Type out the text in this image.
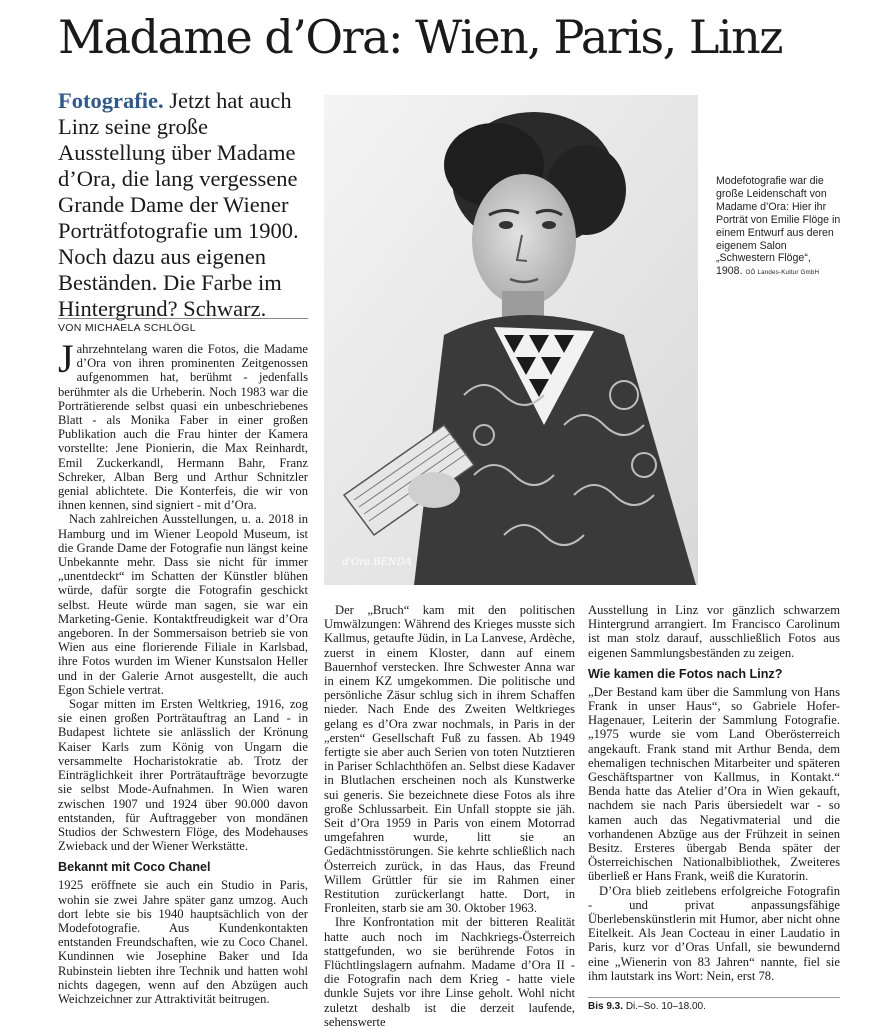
Madame d’Ora: Wien, Paris, Linz

Fotografie. Jetzt hat auch Linz seine große Ausstellung über Madame d’Ora, die lang vergessene Grande Dame der Wiener Porträtfotografie um 1900. Noch dazu aus eigenen Beständen. Die Farbe im Hintergrund? Schwarz.

VON MICHAELA SCHLÖGL

Jahrzehntelang waren die Fotos, die Madame d’Ora von ihren prominenten Zeitgenossen aufgenommen hat, berühmt - jedenfalls berühmter als die Urheberin. Noch 1983 war die Porträtierende selbst quasi ein unbeschriebenes Blatt - als Monika Faber in einer großen Publikation auch die Frau hinter der Kamera vorstellte: Jene Pionierin, die Max Reinhardt, Emil Zuckerkandl, Hermann Bahr, Franz Schreker, Alban Berg und Arthur Schnitzler genial ablichtete. Die Konterfeis, die wir von ihnen kennen, sind signiert - mit d’Ora.

Nach zahlreichen Ausstellungen, u. a. 2018 in Hamburg und im Wiener Leopold Museum, ist die Grande Dame der Fotografie nun längst keine Unbekannte mehr. Dass sie nicht für immer „unentdeckt“ im Schatten der Künstler blühen würde, dafür sorgte die Fotografin geschickt selbst. Heute würde man sagen, sie war ein Marketing-Genie. Kontaktfreudigkeit war d’Ora angeboren. In der Sommersaison betrieb sie von Wien aus eine florierende Filiale in Karlsbad, ihre Fotos wurden im Wiener Kunstsalon Heller und in der Galerie Arnot ausgestellt, die auch Egon Schiele vertrat.

Sogar mitten im Ersten Weltkrieg, 1916, zog sie einen großen Porträtauftrag an Land - in Budapest lichtete sie anlässlich der Krönung Kaiser Karls zum König von Ungarn die versammelte Hocharistokratie ab. Trotz der Einträglichkeit ihrer Porträtaufträge bevorzugte sie selbst Mode-Aufnahmen. In Wien waren zwischen 1907 und 1924 über 90.000 davon entstanden, für Auftraggeber von mondänen Studios der Schwestern Flöge, des Modehauses Zwieback und der Wiener Werkstätte.

Bekannt mit Coco Chanel

1925 eröffnete sie auch ein Studio in Paris, wohin sie zwei Jahre später ganz umzog. Auch dort lebte sie bis 1940 hauptsächlich von der Modefotografie. Aus Kundenkontakten entstanden Freundschaften, wie zu Coco Chanel. Kundinnen wie Josephine Baker und Ida Rubinstein liebten ihre Technik und hatten wohl nichts dagegen, wenn auf den Abzügen auch Weichzeichner zur Attraktivität beitrugen.

d'Ora BENDA
Modefotografie war die große Leidenschaft von Madame d’Ora: Hier ihr Porträt von Emilie Flöge in einem Entwurf aus deren eigenem Salon „Schwestern Flöge“, 1908. OÖ Landes-Kultur GmbH

Der „Bruch“ kam mit den politischen Umwälzungen: Während des Krieges musste sich Kallmus, getaufte Jüdin, in La Lanvese, Ardèche, zuerst in einem Kloster, dann auf einem Bauernhof verstecken. Ihre Schwester Anna war in einem KZ umgekommen. Die politische und persönliche Zäsur schlug sich in ihrem Schaffen nieder. Nach Ende des Zweiten Weltkrieges gelang es d’Ora zwar nochmals, in Paris in der „ersten“ Gesellschaft Fuß zu fassen. Ab 1949 fertigte sie aber auch Serien von toten Nutztieren in Pariser Schlachthöfen an. Selbst diese Kadaver in Blutlachen erscheinen noch als Kunstwerke sui generis. Sie bezeichnete diese Fotos als ihre große Schlussarbeit. Ein Unfall stoppte sie jäh. Seit d’Ora 1959 in Paris von einem Motorrad umgefahren wurde, litt sie an Gedächtnisstörungen. Sie kehrte schließlich nach Österreich zurück, in das Haus, das Freund Willem Grüttler für sie im Rahmen einer Restitution zurückerlangt hatte. Dort, in Fronleiten, starb sie am 30. Oktober 1963.

Ihre Konfrontation mit der bitteren Realität hatte auch noch im Nachkriegs-Österreich stattgefunden, wo sie berührende Fotos in Flüchtlingslagern aufnahm. Madame d’Ora II - die Fotografin nach dem Krieg - hatte viele dunkle Sujets vor ihre Linse geholt. Wohl nicht zuletzt deshalb ist die derzeit laufende, sehenswerte

Ausstellung in Linz vor gänzlich schwarzem Hintergrund arrangiert. Im Francisco Carolinum ist man stolz darauf, ausschließlich Fotos aus eigenen Sammlungsbeständen zu zeigen.

Wie kamen die Fotos nach Linz?

„Der Bestand kam über die Sammlung von Hans Frank in unser Haus“, so Gabriele Hofer-Hagenauer, Leiterin der Sammlung Fotografie. „1975 wurde sie vom Land Oberösterreich angekauft. Frank stand mit Arthur Benda, dem ehemaligen technischen Mitarbeiter und späteren Geschäftspartner von Kallmus, in Kontakt.“ Benda hatte das Atelier d’Ora in Wien gekauft, nachdem sie nach Paris übersiedelt war - so kamen auch das Negativmaterial und die vorhandenen Abzüge aus der Frühzeit in seinen Besitz. Ersteres übergab Benda später der Österreichischen Nationalbibliothek, Zweiteres überließ er Hans Frank, weiß die Kuratorin.

D’Ora blieb zeitlebens erfolgreiche Fotografin - und privat anpassungsfähige Überlebenskünstlerin mit Humor, aber nicht ohne Eitelkeit. Als Jean Cocteau in einer Laudatio in Paris, kurz vor d’Oras Unfall, sie bewundernd eine „Wienerin von 83 Jahren“ nannte, fiel sie ihm lautstark ins Wort: Nein, erst 78.

Bis 9.3. Di.–So. 10–18.00.
